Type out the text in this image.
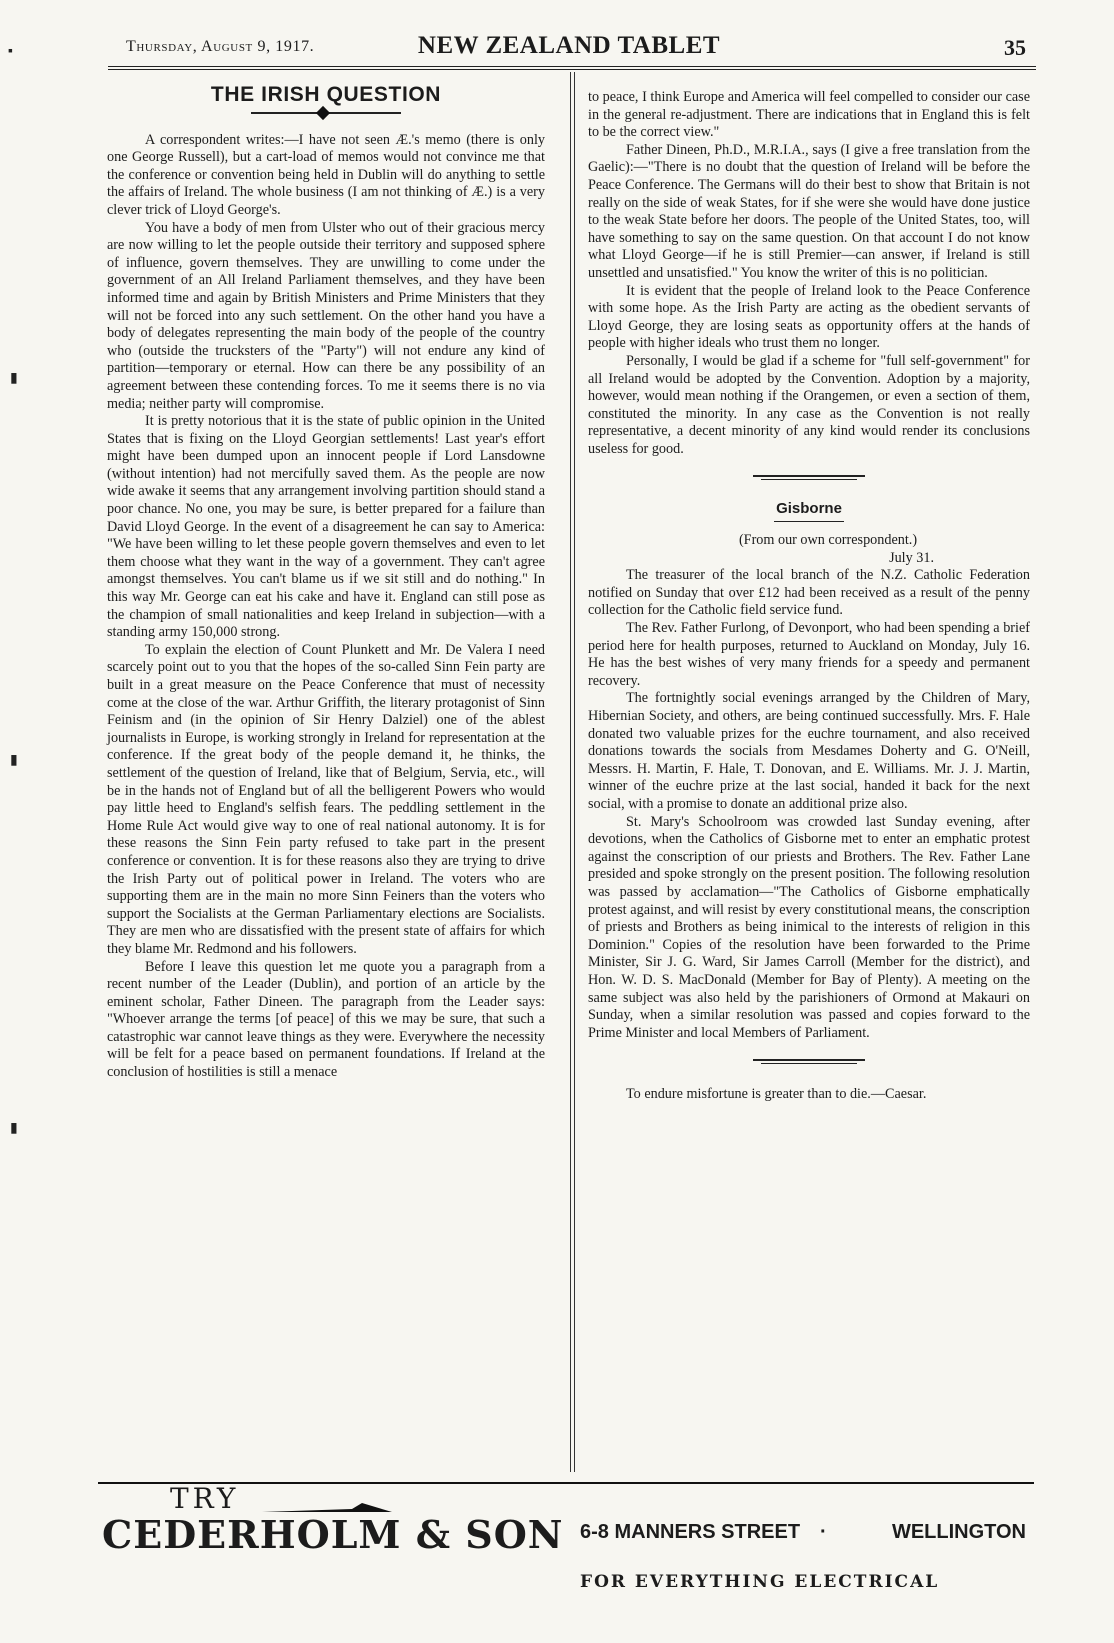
Thursday, August 9, 1917.	NEW ZEALAND TABLET	35
▪
▮
▮
▮
THE IRISH QUESTION

A correspondent writes:—I have not seen Æ.'s memo (there is only one George Russell), but a cart-load of memos would not convince me that the conference or convention being held in Dublin will do anything to settle the affairs of Ireland. The whole business (I am not thinking of Æ.) is a very clever trick of Lloyd George's.

You have a body of men from Ulster who out of their gracious mercy are now willing to let the people outside their territory and supposed sphere of influence, govern themselves. They are unwilling to come under the government of an All Ireland Parliament themselves, and they have been informed time and again by British Ministers and Prime Ministers that they will not be forced into any such settlement. On the other hand you have a body of delegates representing the main body of the people of the country who (outside the trucksters of the "Party") will not endure any kind of partition—temporary or eternal. How can there be any possibility of an agreement between these contending forces. To me it seems there is no via media; neither party will compromise.

It is pretty notorious that it is the state of public opinion in the United States that is fixing on the Lloyd Georgian settlements! Last year's effort might have been dumped upon an innocent people if Lord Lansdowne (without intention) had not mercifully saved them. As the people are now wide awake it seems that any arrangement involving partition should stand a poor chance. No one, you may be sure, is better prepared for a failure than David Lloyd George. In the event of a disagreement he can say to America: "We have been willing to let these people govern themselves and even to let them choose what they want in the way of a government. They can't agree amongst themselves. You can't blame us if we sit still and do nothing." In this way Mr. George can eat his cake and have it. England can still pose as the champion of small nationalities and keep Ireland in subjection—with a standing army 150,000 strong.

To explain the election of Count Plunkett and Mr. De Valera I need scarcely point out to you that the hopes of the so-called Sinn Fein party are built in a great measure on the Peace Conference that must of necessity come at the close of the war. Arthur Griffith, the literary protagonist of Sinn Feinism and (in the opinion of Sir Henry Dalziel) one of the ablest journalists in Europe, is working strongly in Ireland for representation at the conference. If the great body of the people demand it, he thinks, the settlement of the question of Ireland, like that of Belgium, Servia, etc., will be in the hands not of England but of all the belligerent Powers who would pay little heed to England's selfish fears. The peddling settlement in the Home Rule Act would give way to one of real national autonomy. It is for these reasons the Sinn Fein party refused to take part in the present conference or convention. It is for these reasons also they are trying to drive the Irish Party out of political power in Ireland. The voters who are supporting them are in the main no more Sinn Feiners than the voters who support the Socialists at the German Parliamentary elections are Socialists. They are men who are dissatisfied with the present state of affairs for which they blame Mr. Redmond and his followers.

Before I leave this question let me quote you a paragraph from a recent number of the Leader (Dublin), and portion of an article by the eminent scholar, Father Dineen. The paragraph from the Leader says: "Whoever arrange the terms [of peace] of this we may be sure, that such a catastrophic war cannot leave things as they were. Everywhere the necessity will be felt for a peace based on permanent foundations. If Ireland at the conclusion of hostilities is still a menace

to peace, I think Europe and America will feel compelled to consider our case in the general re-adjustment. There are indications that in England this is felt to be the correct view."

Father Dineen, Ph.D., M.R.I.A., says (I give a free translation from the Gaelic):—"There is no doubt that the question of Ireland will be before the Peace Conference. The Germans will do their best to show that Britain is not really on the side of weak States, for if she were she would have done justice to the weak State before her doors. The people of the United States, too, will have something to say on the same question. On that account I do not know what Lloyd George—if he is still Premier—can answer, if Ireland is still unsettled and unsatisfied." You know the writer of this is no politician.

It is evident that the people of Ireland look to the Peace Conference with some hope. As the Irish Party are acting as the obedient servants of Lloyd George, they are losing seats as opportunity offers at the hands of people with higher ideals who trust them no longer.

Personally, I would be glad if a scheme for "full self-government" for all Ireland would be adopted by the Convention. Adoption by a majority, however, would mean nothing if the Orangemen, or even a section of them, constituted the minority. In any case as the Convention is not really representative, a decent minority of any kind would render its conclusions useless for good.

Gisborne

(From our own correspondent.)

July 31.

The treasurer of the local branch of the N.Z. Catholic Federation notified on Sunday that over £12 had been received as a result of the penny collection for the Catholic field service fund.

The Rev. Father Furlong, of Devonport, who had been spending a brief period here for health purposes, returned to Auckland on Monday, July 16. He has the best wishes of very many friends for a speedy and permanent recovery.

The fortnightly social evenings arranged by the Children of Mary, Hibernian Society, and others, are being continued successfully. Mrs. F. Hale donated two valuable prizes for the euchre tournament, and also received donations towards the socials from Mesdames Doherty and G. O'Neill, Messrs. H. Martin, F. Hale, T. Donovan, and E. Williams. Mr. J. J. Martin, winner of the euchre prize at the last social, handed it back for the next social, with a promise to donate an additional prize also.

St. Mary's Schoolroom was crowded last Sunday evening, after devotions, when the Catholics of Gisborne met to enter an emphatic protest against the conscription of our priests and Brothers. The Rev. Father Lane presided and spoke strongly on the present position. The following resolution was passed by acclamation—"The Catholics of Gisborne emphatically protest against, and will resist by every constitutional means, the conscription of priests and Brothers as being inimical to the interests of religion in this Dominion." Copies of the resolution have been forwarded to the Prime Minister, Sir J. G. Ward, Sir James Carroll (Member for the district), and Hon. W. D. S. MacDonald (Member for Bay of Plenty). A meeting on the same subject was also held by the parishioners of Ormond at Makauri on Sunday, when a similar resolution was passed and copies forward to the Prime Minister and local Members of Parliament.

To endure misfortune is greater than to die.—Caesar.

TRY
CEDERHOLM & SON 6-8 MANNERS STREET ·	WELLINGTON
FOR EVERYTHING ELECTRICAL
